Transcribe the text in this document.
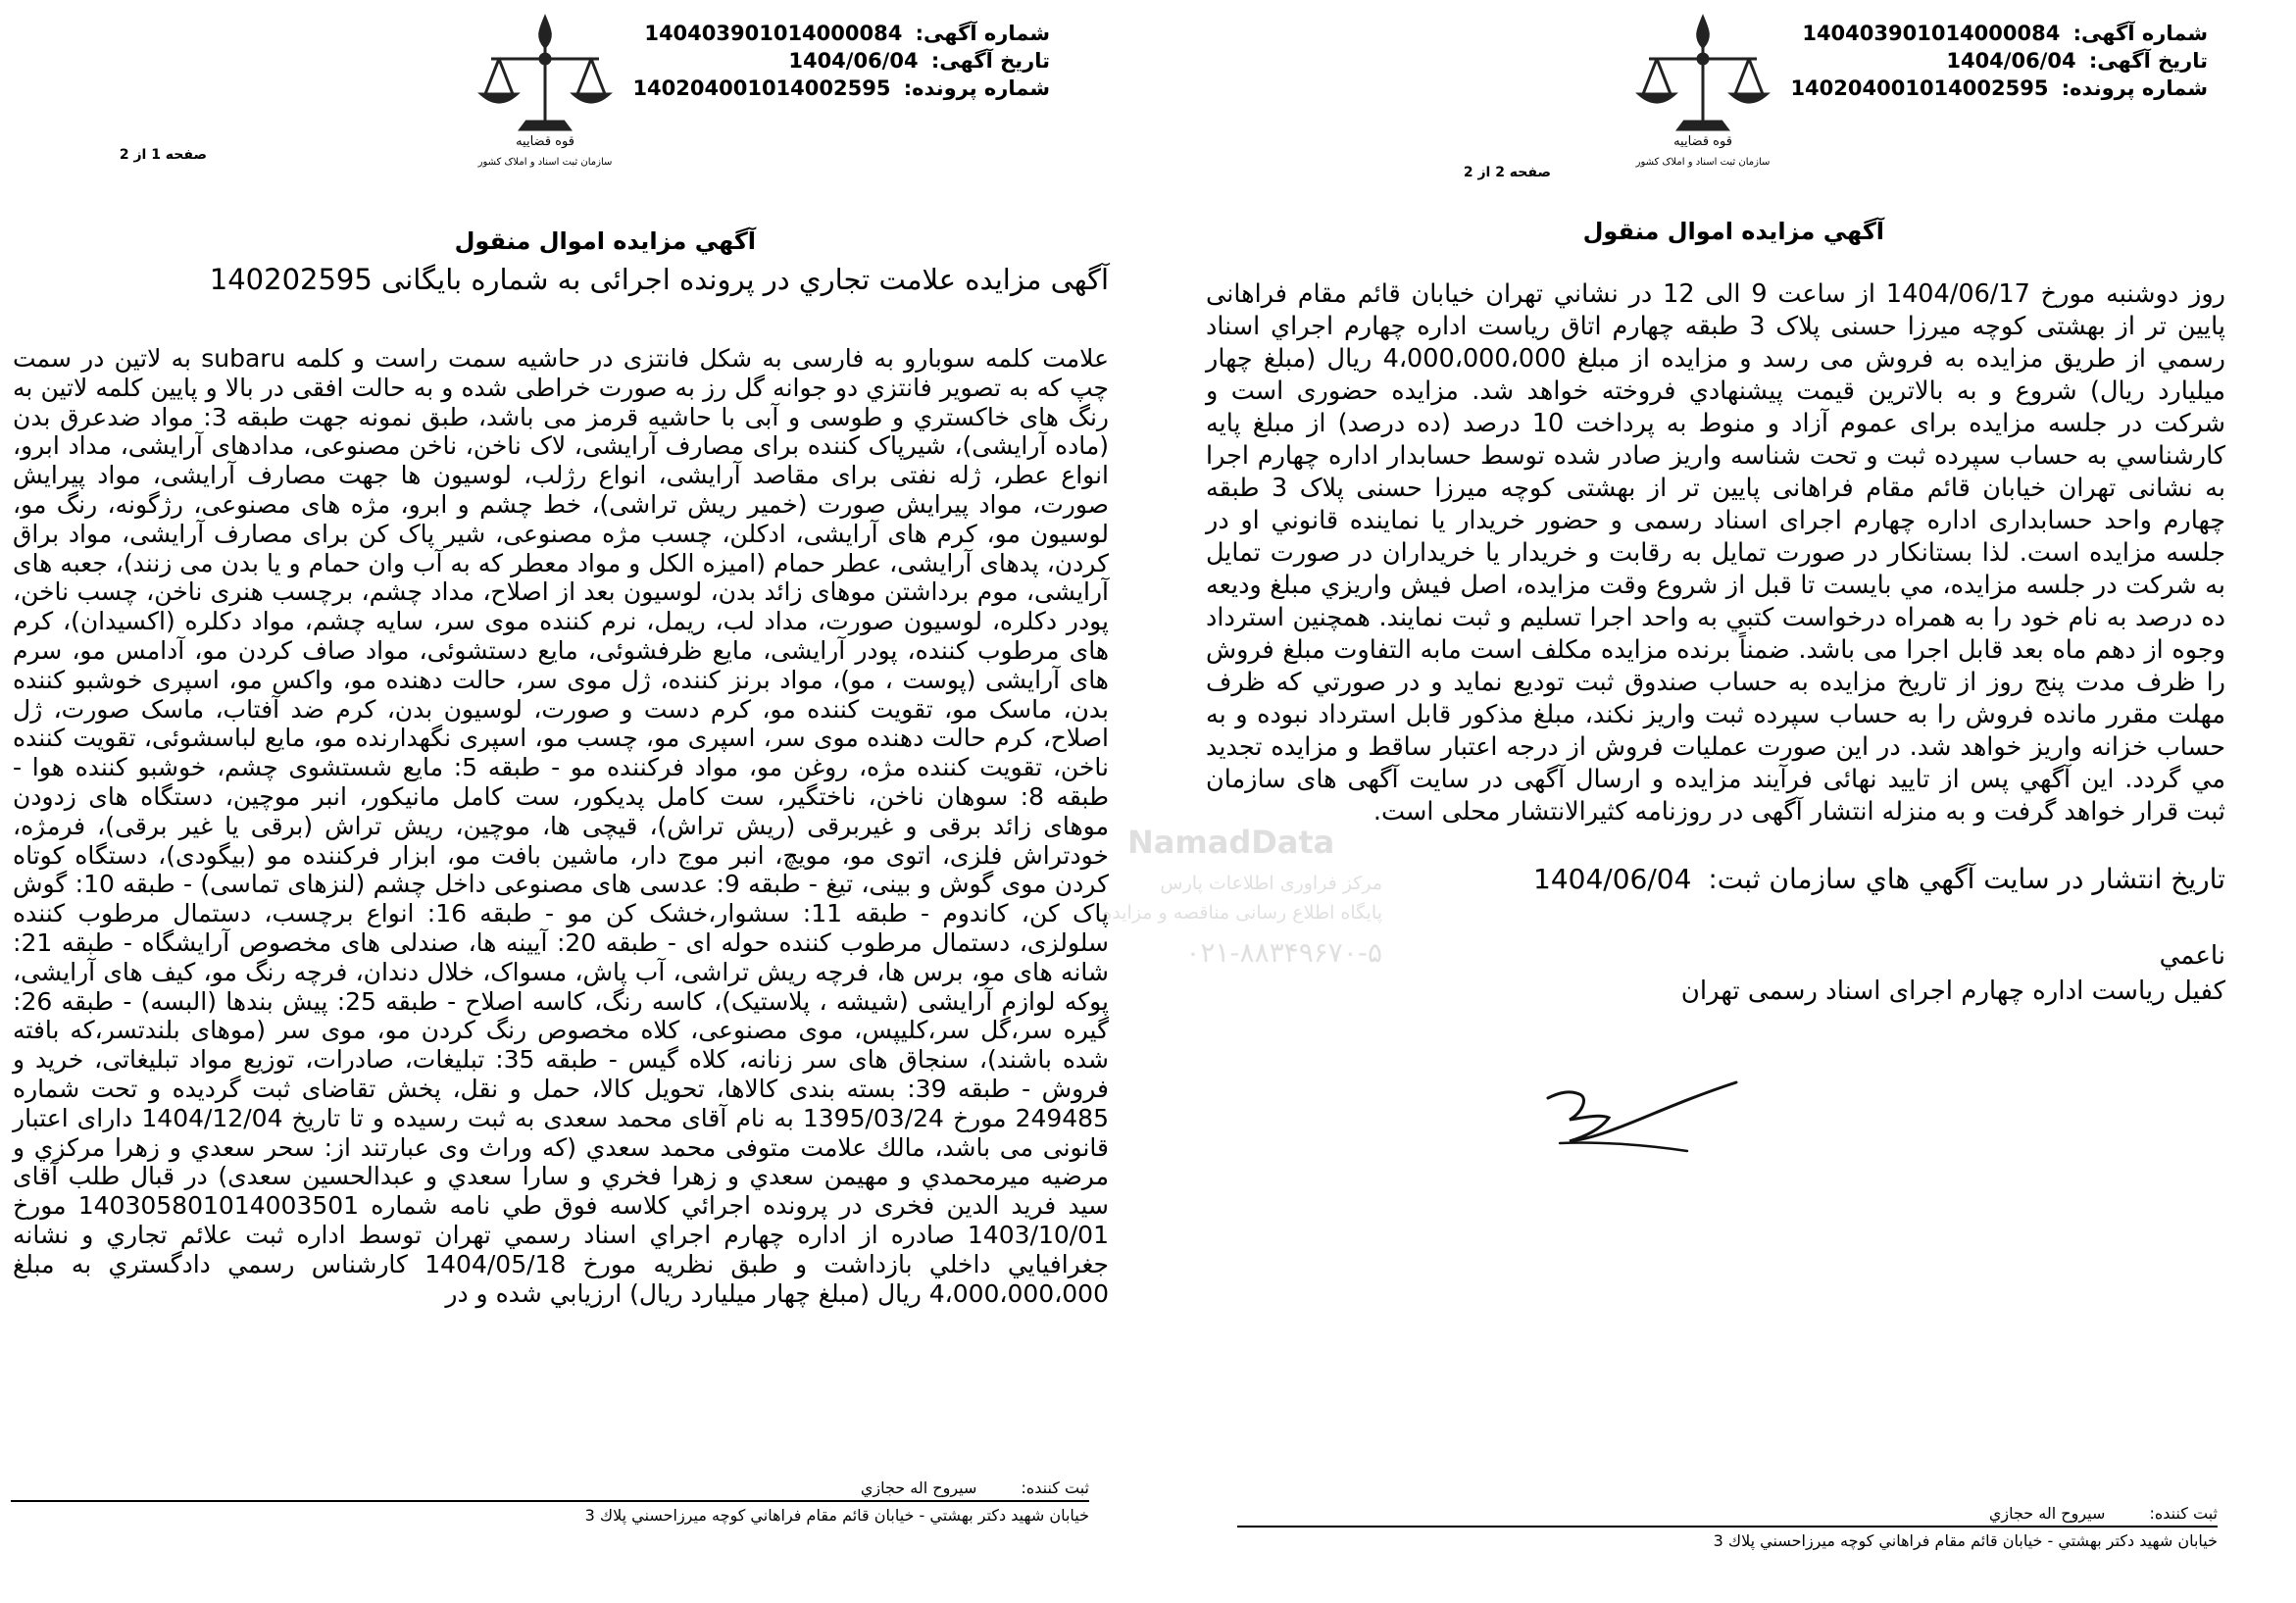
شماره آگهی: 140403901014000084
تاریخ آگهی: 1404/06/04
شماره پرونده: 140204001014002595
قوه قضاییه
سازمان ثبت اسناد و املاک کشور
صفحه 2 از 2
آگهي مزايده اموال منقول

روز دوشنبه مورخ 1404/06/17 از ساعت 9 الی 12 در نشاني تهران خیابان قائم مقام فراهانی پایین تر از بهشتی کوچه میرزا حسنی پلاک 3 طبقه چهارم اتاق ریاست اداره چهارم اجراي اسناد رسمي از طريق مزایده به فروش می رسد و مزایده از مبلغ 4،000،000،000 ریال (مبلغ چهار میلیارد ریال) شروع و به بالاترين قيمت پيشنهادي فروخته خواهد شد. مزایده حضوری است و شرکت در جلسه مزایده برای عموم آزاد و منوط به پرداخت 10 درصد (ده درصد) از مبلغ پايه كارشناسي به حساب سپرده ثبت و تحت شناسه واریز صادر شده توسط حسابدار اداره چهارم اجرا به نشانی تهران خیابان قائم مقام فراهانی پایین تر از بهشتی کوچه میرزا حسنی پلاک 3 طبقه چهارم واحد حسابداری اداره چهارم اجرای اسناد رسمی و حضور خريدار يا نماينده قانوني او در جلسه مزايده است. لذا بستانكار در صورت تمايل به رقابت و خريدار يا خريداران در صورت تمايل به شركت در جلسه مزايده، مي بايست تا قبل از شروع وقت مزايده، اصل فيش واريزي مبلغ وديعه ده درصد به نام خود را به همراه درخواست كتبي به واحد اجرا تسليم و ثبت نمايند. همچنین استرداد وجوه از دهم ماه بعد قابل اجرا می باشد. ضمناً برنده مزایده مکلف است مابه التفاوت مبلغ فروش را ظرف مدت پنج روز از تاریخ مزایده به حساب صندوق ثبت توديع نمايد و در صورتي كه ظرف مهلت مقرر مانده فروش را به حساب سپرده ثبت واریز نکند، مبلغ مذکور قابل استرداد نبوده و به حساب خزانه واريز خواهد شد. در اين صورت عمليات فروش از درجه اعتبار ساقط و مزايده تجديد مي گردد. اين آگهي پس از تاييد نهائی فرآیند مزایده و ارسال آگهی در سایت آگهی های سازمان ثبت قرار خواهد گرفت و به منزله انتشار آگهی در روزنامه کثیرالانتشار محلی است.

تاريخ انتشار در سايت آگهي هاي سازمان ثبت: 1404/06/04
ناعمي
كفيل رياست اداره چهارم اجرای اسناد رسمی تهران
ثبت كننده: سيروح اله حجازي
خيابان شهيد دكتر بهشتي - خيابان قائم مقام فراهاني كوچه ميرزاحسني پلاك 3
شماره آگهی: 140403901014000084
تاریخ آگهی: 1404/06/04
شماره پرونده: 140204001014002595
قوه قضاییه
سازمان ثبت اسناد و املاک کشور
صفحه 1 از 2
آگهي مزايده اموال منقول
آگهی مزايده علامت تجاري در پرونده اجرائی به شماره بايگانی 140202595

علامت كلمه سوبارو به فارسی به شکل فانتزی در حاشيه سمت راست و كلمه subaru به لاتين در سمت چپ که به تصوير فانتزي دو جوانه گل رز به صورت خراطی شده و به حالت افقی در بالا و پایین كلمه لاتين به رنگ های خاكستري و طوسی و آبی با حاشیه قرمز می باشد، طبق نمونه جهت طبقه 3: مواد ضدعرق بدن (ماده آرایشی)، شیرپاک کننده برای مصارف آرایشی، لاک ناخن، ناخن مصنوعی، مدادهای آرایشی، مداد ابرو، انواع عطر، ژله نفتی برای مقاصد آرایشی، انواع رژلب، لوسیون ها جهت مصارف آرایشی، مواد پیرایش صورت، مواد پیرایش صورت (خمیر ریش تراشی)، خط چشم و ابرو، مژه های مصنوعی، رژگونه، رنگ مو، لوسیون مو، کرم های آرایشی، ادکلن، چسب مژه مصنوعی، شیر پاک کن برای مصارف آرایشی، مواد براق کردن، پدهای آرایشی، عطر حمام (امیزه الکل و مواد معطر که به آب وان حمام و یا بدن می زنند)، جعبه های آرایشی، موم برداشتن موهای زائد بدن، لوسیون بعد از اصلاح، مداد چشم، برچسب هنری ناخن، چسب ناخن، پودر دکلره، لوسیون صورت، مداد لب، ریمل، نرم کننده موی سر، سایه چشم، مواد دکلره (اکسیدان)، کرم های مرطوب کننده، پودر آرایشی، مایع ظرفشوئی، مایع دستشوئی، مواد صاف کردن مو، آدامس مو، سرم های آرایشی (پوست ، مو)، مواد برنز کننده، ژل موی سر، حالت دهنده مو، واکس مو، اسپری خوشبو کننده بدن، ماسک مو، تقویت کننده مو، کرم دست و صورت، لوسیون بدن، کرم ضد آفتاب، ماسک صورت، ژل اصلاح، کرم حالت دهنده موی سر، اسپری مو، چسب مو، اسپری نگهدارنده مو، مایع لباسشوئی، تقویت کننده ناخن، تقویت کننده مژه، روغن مو، مواد فرکننده مو - طبقه 5: مایع شستشوی چشم، خوشبو کننده هوا - طبقه 8: سوهان ناخن، ناختگیر، ست کامل پدیکور، ست کامل مانیکور، انبر موچین، دستگاه های زدودن موهای زائد برقی و غیربرقی (ریش تراش)، قیچی ها، موچین، ریش تراش (برقی یا غیر برقی)، فرمژه، خودتراش فلزی، اتوی مو، مویچ، انبر موج دار، ماشین بافت مو، ابزار فرکننده مو (بیگودی)، دستگاه کوتاه کردن موی گوش و بینی، تیغ - طبقه 9: عدسی های مصنوعی داخل چشم (لنزهای تماسی) - طبقه 10: گوش پاک کن، کاندوم - طبقه 11: سشوار،خشک کن مو - طبقه 16: انواع برچسب، دستمال مرطوب کننده سلولزی، دستمال مرطوب کننده حوله ای - طبقه 20: آیینه ها، صندلی های مخصوص آرایشگاه - طبقه 21: شانه های مو، برس ها، فرچه ریش تراشی، آب پاش، مسواک، خلال دندان، فرچه رنگ مو، کیف های آرایشی، پوکه لوازم آرایشی (شیشه ، پلاستیک)، کاسه رنگ، کاسه اصلاح - طبقه 25: پیش بندها (البسه) - طبقه 26: گیره سر،گل سر،کلیپس، موی مصنوعی، کلاه مخصوص رنگ کردن مو، موی سر (موهای بلندتسر،که بافته شده باشند)، سنجاق های سر زنانه، کلاه گیس - طبقه 35: تبلیغات، صادرات، توزیع مواد تبلیغاتی، خرید و فروش - طبقه 39: بسته بندی کالاها، تحویل کالا، حمل و نقل، پخش تقاضای ثبت گرديده و تحت شماره 249485 مورخ 1395/03/24 به نام آقای محمد سعدی به ثبت رسيده و تا تاريخ 1404/12/04 دارای اعتبار قانونی می باشد، مالك علامت متوفی محمد سعدي (که وراث وی عبارتند از: سحر سعدي و زهرا مرکزي و مرضيه ميرمحمدي و مهيمن سعدي و زهرا فخري و سارا سعدي و عبدالحسين سعدی) در قبال طلب آقای سيد فريد الدين فخری در پرونده اجرائي كلاسه فوق طي نامه شماره 140305801014003501 مورخ 1403/10/01 صادره از اداره چهارم اجراي اسناد رسمي تهران توسط اداره ثبت علائم تجاري و نشانه جغرافيايي داخلي بازداشت و طبق نظريه مورخ 1404/05/18 كارشناس رسمي دادگستري به مبلغ 4،000،000،000 ريال (مبلغ چهار ميليارد ريال) ارزيابي شده و در

ثبت كننده: سيروح اله حجازي
خيابان شهيد دكتر بهشتي - خيابان قائم مقام فراهاني كوچه ميرزاحسني پلاك 3
NamadData
مرکز فراوری اطلاعات پارس
پایگاه اطلاع رسانی مناقصه و مزایده
۰۲۱-۸۸۳۴۹۶۷۰-۵
